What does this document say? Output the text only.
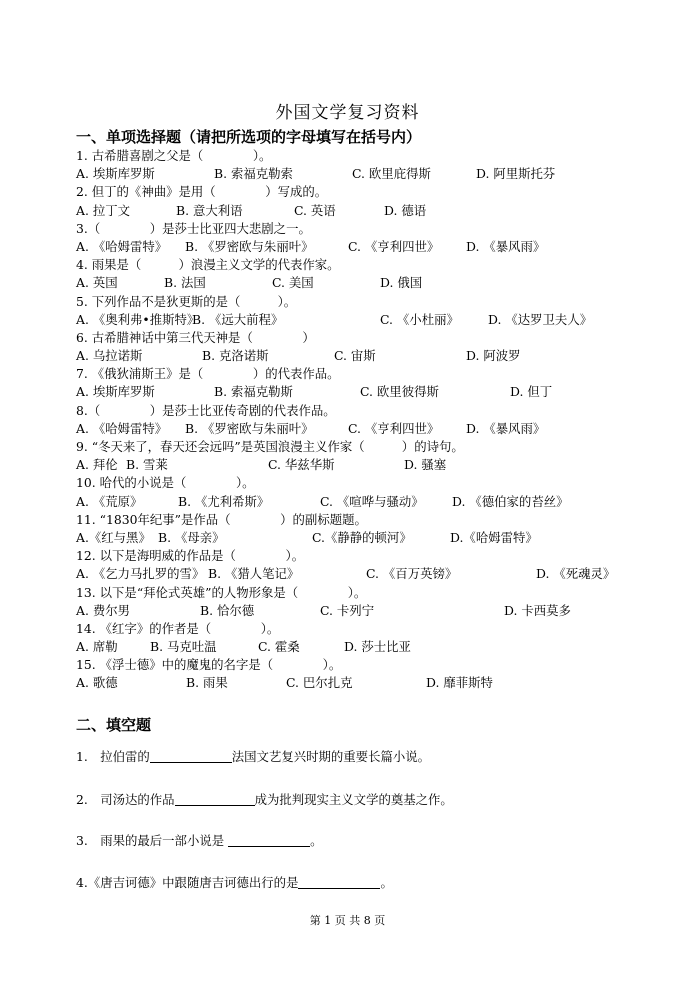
外国文学复习资料
一、单项选择题（请把所选项的字母填写在括号内）
1. 古希腊喜剧之父是（　　　　）。
A. 埃斯库罗斯	B. 索福克勒索	C. 欧里庇得斯	D. 阿里斯托芬
2. 但丁的《神曲》是用（　　　　）写成的。
A. 拉丁文	B. 意大利语	C. 英语	D. 德语
3.（　　　　）是莎士比亚四大悲剧之一。
A. 《哈姆雷特》 B. 《罗密欧与朱丽叶》	C. 《亨利四世》 D. 《暴风雨》
4. 雨果是（　　　）浪漫主义文学的代表作家。
A. 英国	B. 法国	C. 美国	D. 俄国
5. 下列作品不是狄更斯的是（　　　）。
A. 《奥利弗•推斯特》
B. 《远大前程》	C. 《小杜丽》 D. 《达罗卫夫人》
6. 古希腊神话中第三代天神是（　　　　）
A. 乌拉诺斯	B. 克洛诺斯	C. 宙斯	D. 阿波罗
7. 《俄狄浦斯王》是（　　　　）的代表作品。
A. 埃斯库罗斯	B. 索福克勒斯	C. 欧里彼得斯	D. 但丁
8.（　　　　）是莎士比亚传奇剧的代表作品。
A. 《哈姆雷特》 B. 《罗密欧与朱丽叶》	C. 《亨利四世》 D. 《暴风雨》
9. “冬天来了，春天还会远吗”是英国浪漫主义作家（　　　）的诗句。
A. 拜伦 B. 雪莱	C. 华兹华斯	D. 骚塞
10. 哈代的小说是（　　　　）。
A. 《荒原》	B. 《尤利希斯》	C. 《喧哗与骚动》 D. 《德伯家的苔丝》
11. “1830年纪事”是作品（　　　　）的副标题题。
A.《红与黑》 B. 《母亲》	C.《静静的顿河》	D.《哈姆雷特》
12. 以下是海明威的作品是（　　　　）。
A. 《乞力马扎罗的雪》 B. 《猎人笔记》	C. 《百万英镑》	D. 《死魂灵》
13. 以下是“拜伦式英雄”的人物形象是（　　　　）。
A. 费尔男	B. 恰尔德	C. 卡列宁	D. 卡西莫多
14. 《红字》的作者是（　　　　）。
A. 席勒	B. 马克吐温	C. 霍桑	D. 莎士比亚
15. 《浮士德》中的魔鬼的名字是（　　　　）。
A. 歌德	B. 雨果	C. 巴尔扎克	D. 靡菲斯特
二、填空题
1.　拉伯雷的	法国文艺复兴时期的重要长篇小说。
2.　司汤达的作品	成为批判现实主义文学的奠基之作。
3.　雨果的最后一部小说是	。
4.《唐吉诃德》中跟随唐吉诃德出行的是	。
第 1 页 共 8 页
